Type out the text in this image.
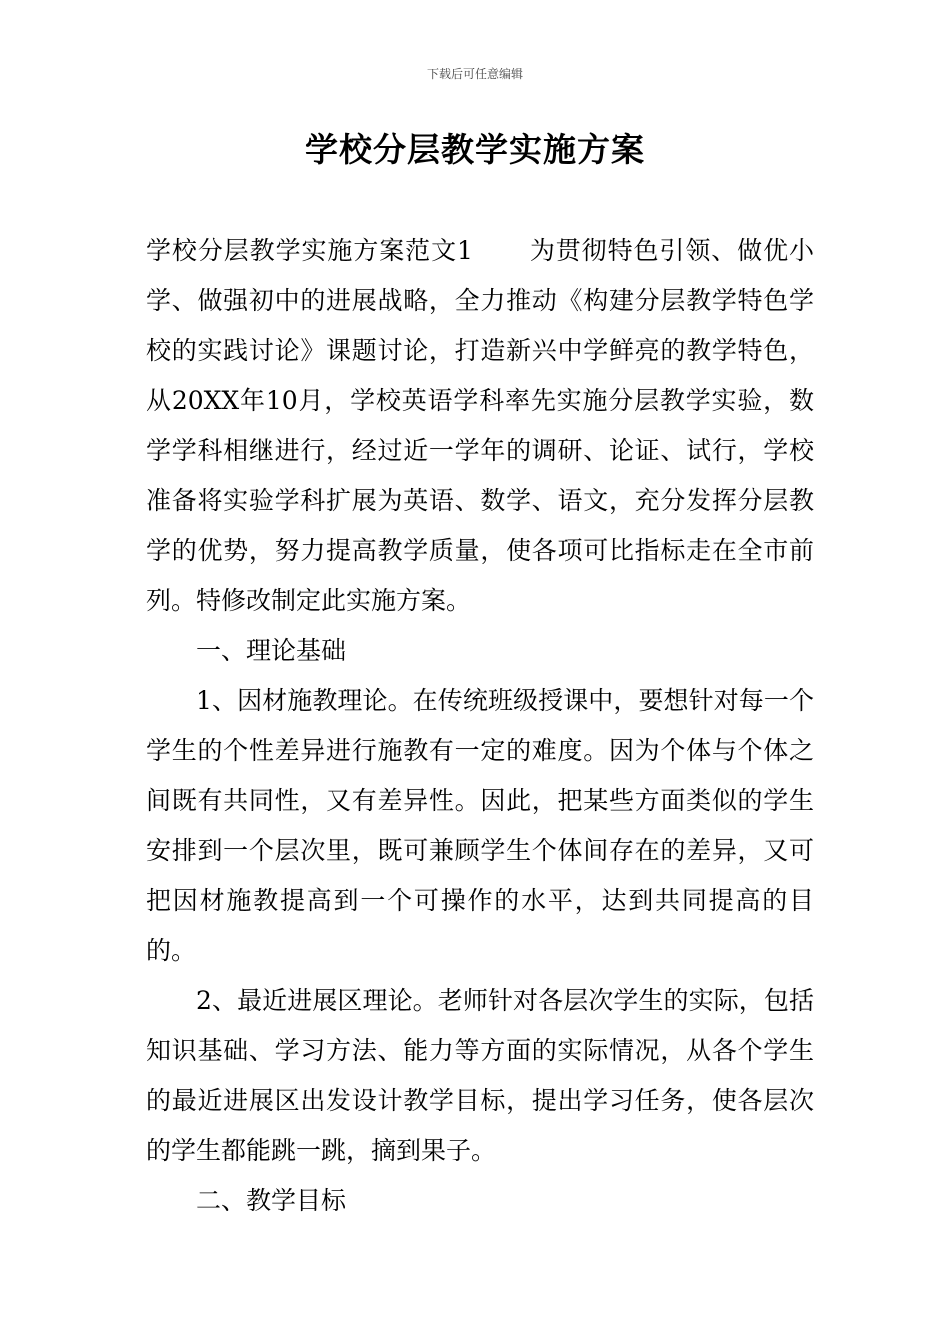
下载后可任意编辑
学校分层教学实施方案

学校分层教学实施方案范文1 为贯彻特色引领、做优小学、做强初中的进展战略，全力推动《构建分层教学特色学校的实践讨论》课题讨论，打造新兴中学鲜亮的教学特色，从20XX年10月，学校英语学科率先实施分层教学实验，数学学科相继进行，经过近一学年的调研、论证、试行，学校准备将实验学科扩展为英语、数学、语文，充分发挥分层教学的优势，努力提高教学质量，使各项可比指标走在全市前列。特修改制定此实施方案。

一、理论基础

1、因材施教理论。在传统班级授课中，要想针对每一个学生的个性差异进行施教有一定的难度。因为个体与个体之间既有共同性，又有差异性。因此，把某些方面类似的学生安排到一个层次里，既可兼顾学生个体间存在的差异，又可把因材施教提高到一个可操作的水平，达到共同提高的目的。

2、最近进展区理论。老师针对各层次学生的实际，包括知识基础、学习方法、能力等方面的实际情况，从各个学生的最近进展区出发设计教学目标，提出学习任务，使各层次的学生都能跳一跳，摘到果子。

二、教学目标
